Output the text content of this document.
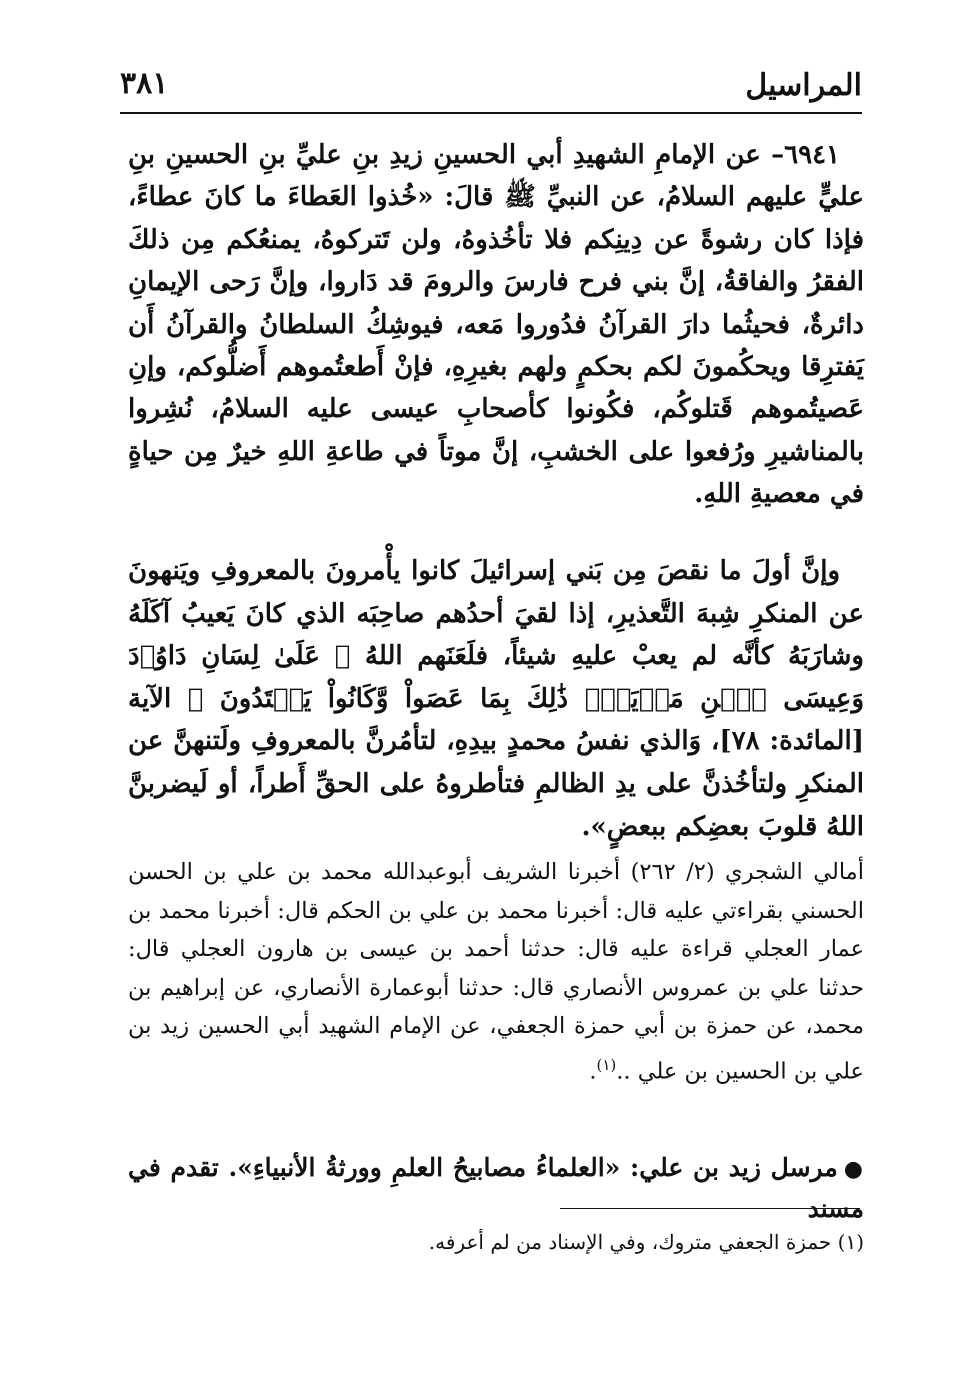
المراسيل
٣٨١

٦٩٤١– عن الإمامِ الشهيدِ أبي الحسينِ زيدِ بنِ عليِّ بنِ الحسينِ بنِ عليٍّ عليهم السلامُ، عن النبيِّ ﷺ قالَ: «خُذوا العَطاءَ ما كانَ عطاءً، فإذا كان رشوةً عن دِينِكم فلا تأخُذوهُ، ولن تَتركوهُ، يمنعُكم مِن ذلكَ الفقرُ والفاقةُ، إنَّ بني فرح فارسَ والرومَ قد دَاروا، وإنَّ رَحى الإيمانِ دائرةٌ، فحيثُما دارَ القرآنُ فدُوروا مَعه، فيوشِكُ السلطانُ والقرآنُ أَن يَفترِقا ويحكُمونَ لكم بحكمٍ ولهم بغيرِهِ، فإنْ أَطعتُموهم أَضلُّوكم، وإنِ عَصيتُموهم قَتلوكُم، فكُونوا كأصحابِ عيسى عليه السلامُ، نُشِروا بالمناشيرِ ورُفعوا على الخشبِ، إنَّ موتاً في طاعةِ اللهِ خيرٌ مِن حياةٍ في معصيةِ اللهِ.

وإنَّ أولَ ما نقصَ مِن بَني إسرائيلَ كانوا يأْمرونَ بالمعروفِ ويَنهونَ عن المنكرِ شِبهَ التَّعذيرِ، إذا لقيَ أحدُهم صاحِبَه الذي كانَ يَعيبُ آكَلَهُ وشارَبَهُ كأنَّه لم يعبْ عليهِ شيئاً، فلَعَنَهم اللهُ ﴿ عَلَىٰ لِسَانِ دَاوُۥدَ وَعِيسَى ٱبۡنِ مَرۡيَمَۚ ذَٰلِكَ بِمَا عَصَواْ وَّكَانُواْ يَعۡتَدُونَ ﴾ الآية [المائدة: ٧٨]، وَالذي نفسُ محمدٍ بيدِهِ، لتأمُرنَّ بالمعروفِ ولَتنهنَّ عن المنكرِ ولتأخُذنَّ على يدِ الظالمِ فتأطروهُ على الحقِّ أَطراً، أو لَيضربنَّ اللهُ قلوبَ بعضِكم ببعضٍ».

أمالي الشجري (٢/ ٢٦٢) أخبرنا الشريف أبوعبدالله محمد بن علي بن الحسن الحسني بقراءتي عليه قال: أخبرنا محمد بن علي بن الحكم قال: أخبرنا محمد بن عمار العجلي قراءة عليه قال: حدثنا أحمد بن عيسى بن هارون العجلي قال: حدثنا علي بن عمروس الأنصاري قال: حدثنا أبوعمارة الأنصاري، عن إبراهيم بن محمد، عن حمزة بن أبي حمزة الجعفي، عن الإمام الشهيد أبي الحسين زيد بن علي بن الحسين بن علي ..$^{(١)}$.

●مرسل زيد بن علي: «العلماءُ مصابيحُ العلمِ وورثةُ الأنبياءِ». تقدم في مسند

(١) حمزة الجعفي متروك، وفي الإسناد من لم أعرفه.
